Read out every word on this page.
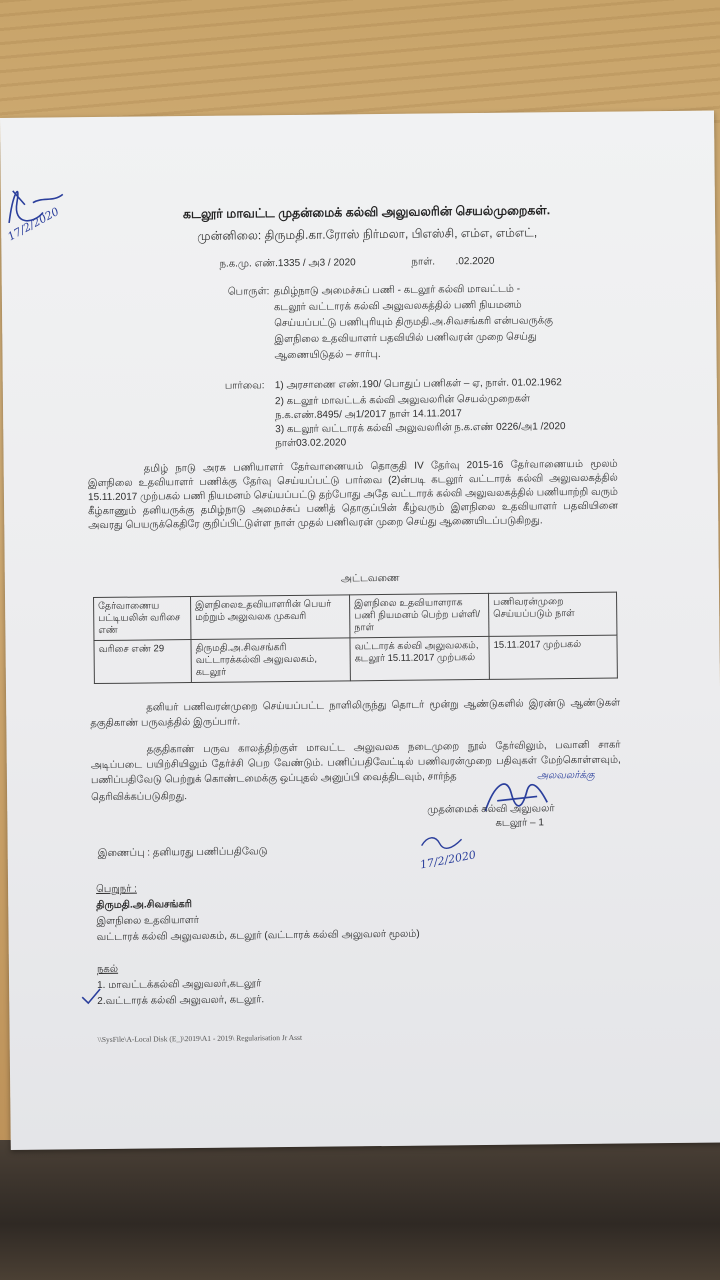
17/2/2020	கடலூர் மாவட்ட முதன்மைக் கல்வி அலுவலரின் செயல்முறைகள்.
முன்னிலை: திருமதி.கா.ரோஸ் நிர்மலா, பிஎஸ்சி, எம்எ, எம்எட்,
ந.க.மு. எண்.1335 / அ3 / 2020	நாள். .02.2020
பொருள்: தமிழ்நாடு அமைச்சுப் பணி - கடலூர் கல்வி மாவட்டம் -
கடலூர் வட்டாரக் கல்வி அலுவலகத்தில் பணி நியமனம்
செய்யப்பட்டு பணிபுரியும் திருமதி.அ.சிவசங்கரி என்பவருக்கு
இளநிலை உதவியாளர் பதவியில் பணிவரன் முறை செய்து
ஆணையிடுதல் – சார்பு.
பார்வை: 1) அரசாணை எண்.190/ பொதுப் பணிகள் – ஏ, நாள். 01.02.1962
2) கடலூர் மாவட்டக் கல்வி அலுவலரின் செயல்முறைகள்
ந.க.எண்.8495/ அ1/2017 நாள் 14.11.2017
3) கடலூர் வட்டாரக் கல்வி அலுவலரின் ந.க.எண் 0226/அ1 /2020
நாள்03.02.2020
தமிழ் நாடு அரசு பணியாளர் தேர்வாணையம் தொகுதி IV தேர்வு 2015-16 தேர்வாணையம் மூலம் இளநிலை உதவியாளர் பணிக்கு தேர்வு செய்யப்பட்டு பார்வை (2)ன்படி கடலூர் வட்டாரக் கல்வி அலுவலகத்தில் 15.11.2017 முற்பகல் பணி நியமனம் செய்யப்பட்டு தற்போது அதே வட்டாரக் கல்வி அலுவலகத்தில் பணியாற்றி வரும் கீழ்காணும் தனியருக்கு தமிழ்நாடு அமைச்சுப் பணித் தொகுப்பின் கீழ்வரும் இளநிலை உதவியாளர் பதவியினை அவரது பெயருக்கெதிரே குறிப்பிட்டுள்ள நாள் முதல் பணிவரன் முறை செய்து ஆணையிடப்படுகிறது.
அட்டவணை
தேர்வாணைய பட்டியலின் வரிசை எண்	இளநிலைஉதவியாளரின் பெயர் மற்றும் அலுவலக முகவரி	இளநிலை உதவியாளராக பணி நியமனம் பெற்ற பள்ளி/ நாள்	பணிவரன்முறை செய்யப்படும் நாள்
வரிசை எண் 29	திருமதி.அ.சிவசங்கரி வட்டாரக்கல்வி அலுவலகம், கடலூர்	வட்டாரக் கல்வி அலுவலகம், கடலூர் 15.11.2017 முற்பகல்	15.11.2017 முற்பகல்
தனியர் பணிவரன்முறை செய்யப்பட்ட நாளிலிருந்து தொடர் மூன்று ஆண்டுகளில் இரண்டு ஆண்டுகள் தகுதிகாண் பருவத்தில் இருப்பார்.
தகுதிகாண் பருவ காலத்திற்குள் மாவட்ட அலுவலக நடைமுறை நூல் தேர்விலும், பவானி சாகர் அடிப்படை பயிற்சியிலும் தேர்ச்சி பெற வேண்டும். பணிப்பதிவேட்டில் பணிவரன்முறை பதிவுகள் மேற்கொள்ளவும், பணிப்பதிவேடு பெற்றுக் கொண்டமைக்கு ஒப்புதல் அனுப்பி வைத்திடவும், சார்ந்த
தெரிவிக்கப்படுகிறது.
அலவலர்க்கு
முதன்மைக் கல்வி அலுவலர்
கடலூர் – 1
17/2/2020
இணைப்பு : தனியரது பணிப்பதிவேடு
பெறுநர் :
திருமதி.அ.சிவசங்கரி
இளநிலை உதவியாளர்
வட்டாரக் கல்வி அலுவலகம், கடலூர் (வட்டாரக் கல்வி அலுவலர் மூலம்)
நகல்
1. மாவட்டக்கல்வி அலுவலர்,கடலூர்
2.வட்டாரக் கல்வி அலுவலர், கடலூர்.
\\SysFile\A-Local Disk (E_)\2019\A1 - 2019\ Regularisation Jr Asst
